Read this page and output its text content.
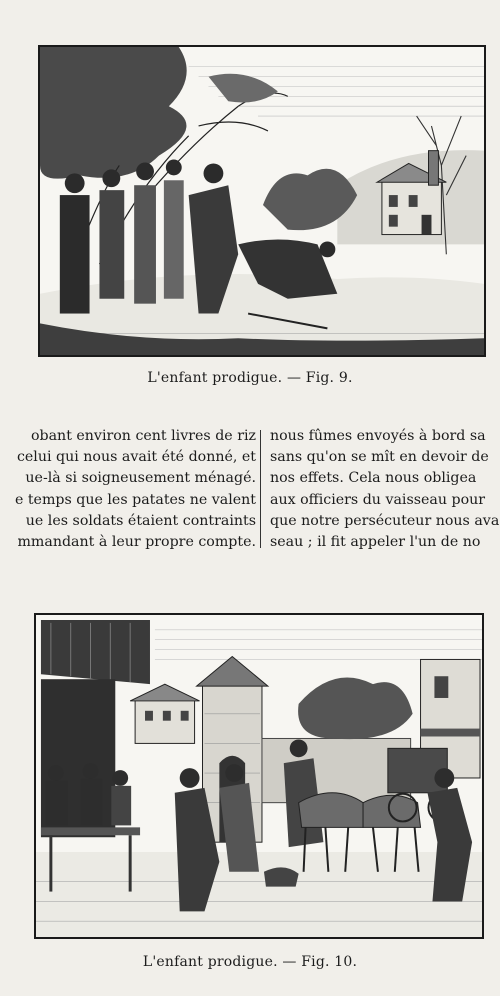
L'enfant prodigue. — Fig. 9.
obant environ cent livres de riz
celui qui nous avait été donné, et
ue-là si soigneusement ménagé.
e temps que les patates ne valent
ue les soldats étaient contraints
mmandant à leur propre compte.
nous fûmes envoyés à bord sa
sans qu'on se mît en devoir de
nos effets. Cela nous obligea
aux officiers du vaisseau pour
que notre persécuteur nous ava
seau ; il fit appeler l'un de no
L'enfant prodigue. — Fig. 10.
